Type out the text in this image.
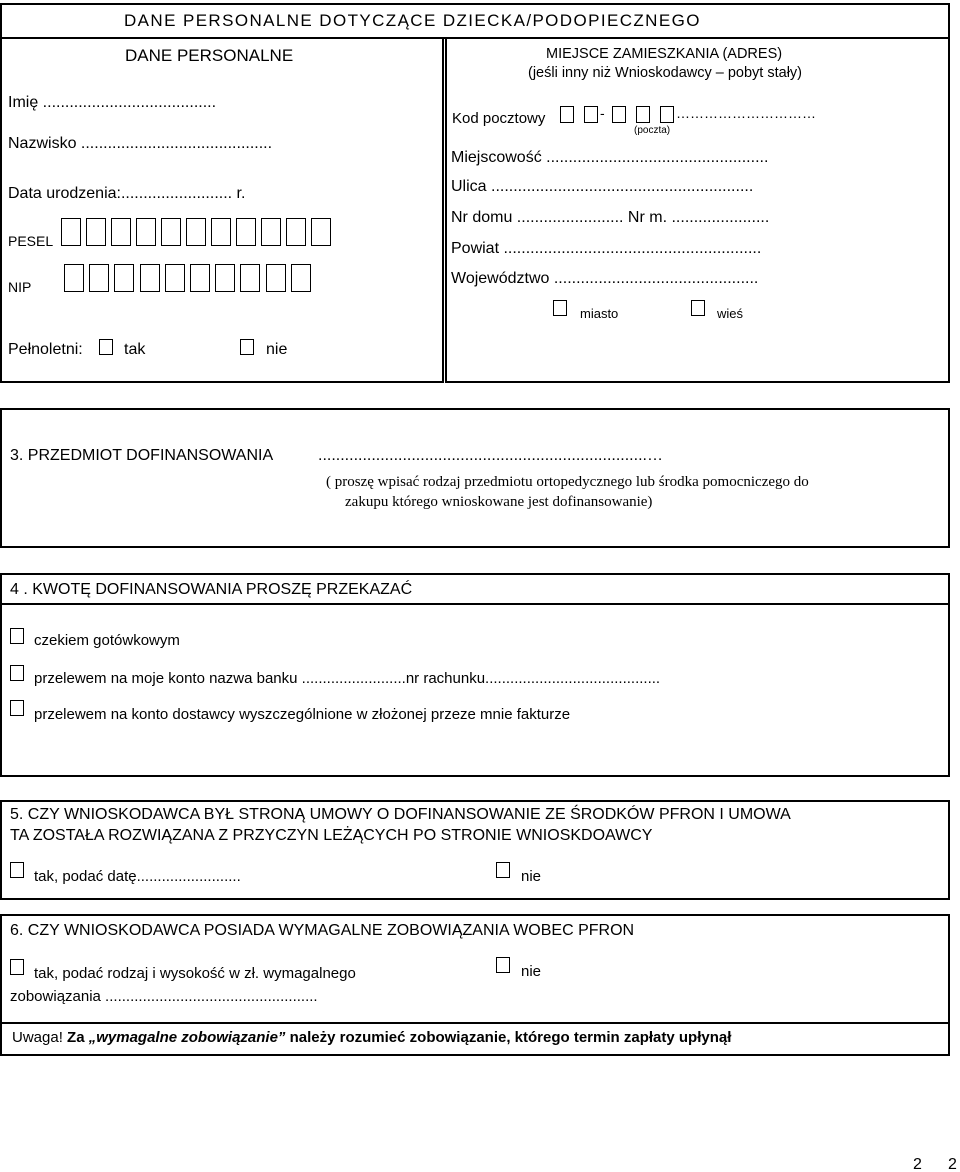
DANE PERSONALNE DOTYCZĄCE DZIECKA/PODOPIECZNEGO
DANE PERSONALNE
Imię .......................................
Nazwisko ...........................................
Data urodzenia:......................... r.
PESEL
NIP
Pełnoletni:	tak	nie
MIEJSCE ZAMIESZKANIA (ADRES)
(jeśli inny niż Wnioskodawcy – pobyt stały)
Kod pocztowy	-	…………………………
(poczta)
Miejscowość ..................................................
Ulica ...........................................................
Nr domu ........................ Nr m. ......................
Powiat ..........................................................
Województwo ..............................................
miasto	wieś
3. PRZEDMIOT DOFINANSOWANIA	..........................................................................…
( proszę wpisać rodzaj przedmiotu ortopedycznego lub środka pomocniczego do
zakupu którego wnioskowane jest dofinansowanie)
4 . KWOTĘ DOFINANSOWANIA PROSZĘ PRZEKAZAĆ
czekiem gotówkowym
przelewem na moje konto nazwa banku .........................nr rachunku..........................................
przelewem na konto dostawcy wyszczególnione w złożonej przeze mnie fakturze
5. CZY WNIOSKODAWCA BYŁ STRONĄ UMOWY O DOFINANSOWANIE ZE ŚRODKÓW PFRON I UMOWA
TA ZOSTAŁA ROZWIĄZANA Z PRZYCZYN LEŻĄCYCH PO STRONIE WNIOSKDOAWCY
tak, podać datę.........................	nie
6. CZY WNIOSKODAWCA POSIADA WYMAGALNE ZOBOWIĄZANIA WOBEC PFRON
tak, podać rodzaj i wysokość w zł. wymagalnego
zobowiązania ...................................................
nie
Uwaga! Za „wymagalne zobowiązanie” należy rozumieć zobowiązanie, którego termin zapłaty upłynął
2 2
